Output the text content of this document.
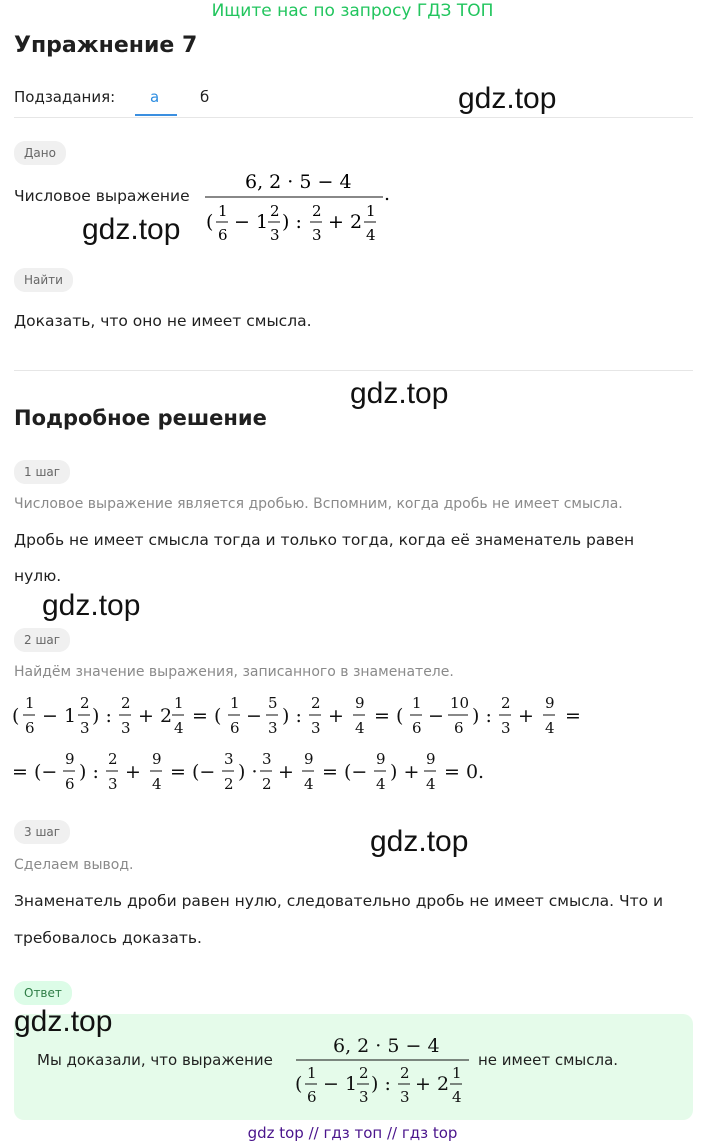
Ищите нас по запросу ГДЗ ТОП
Упражнение 7
Подзадания: а	б	gdz.top
gdz.top
gdz.top
gdz.top
gdz.top
gdz.top
Дано
Числовое выражение
6, 2 · 5 − 4
( 1
6
− 1 2
3
) : 2
3
+ 2 1
4
.
Найти
Доказать, что оно не имеет смысла.
Подробное решение
1 шаг
Числовое выражение является дробью. Вспомним, когда дробь не имеет смысла.
Дробь не имеет смысла тогда и только тогда, когда её знаменатель равен
нулю.
2 шаг
Найдём значение выражения, записанного в знаменателе.
(
1
6
− 1
2
3
) :
2
3
+ 2
1
4
= (
1
6
−
5
3
) :
2
3
+
9
4
= (
1
6
−
10
6
) :
2
3
+
9
4
=
= (−
9
6
) :
2
3
+
9
4
= (−
3
2
) ·
3
2
+
9
4
= (−
9
4
) +
9
4
= 0.
3 шаг
Сделаем вывод.
Знаменатель дроби равен нулю, следовательно дробь не имеет смысла. Что и
требовалось доказать.
Ответ
Мы доказали, что выражение
6, 2 · 5 − 4
( 1
6
− 1 2
3
) : 2
3
+ 2 1
4
не имеет смысла.
gdz top // гдз топ // гдз top
